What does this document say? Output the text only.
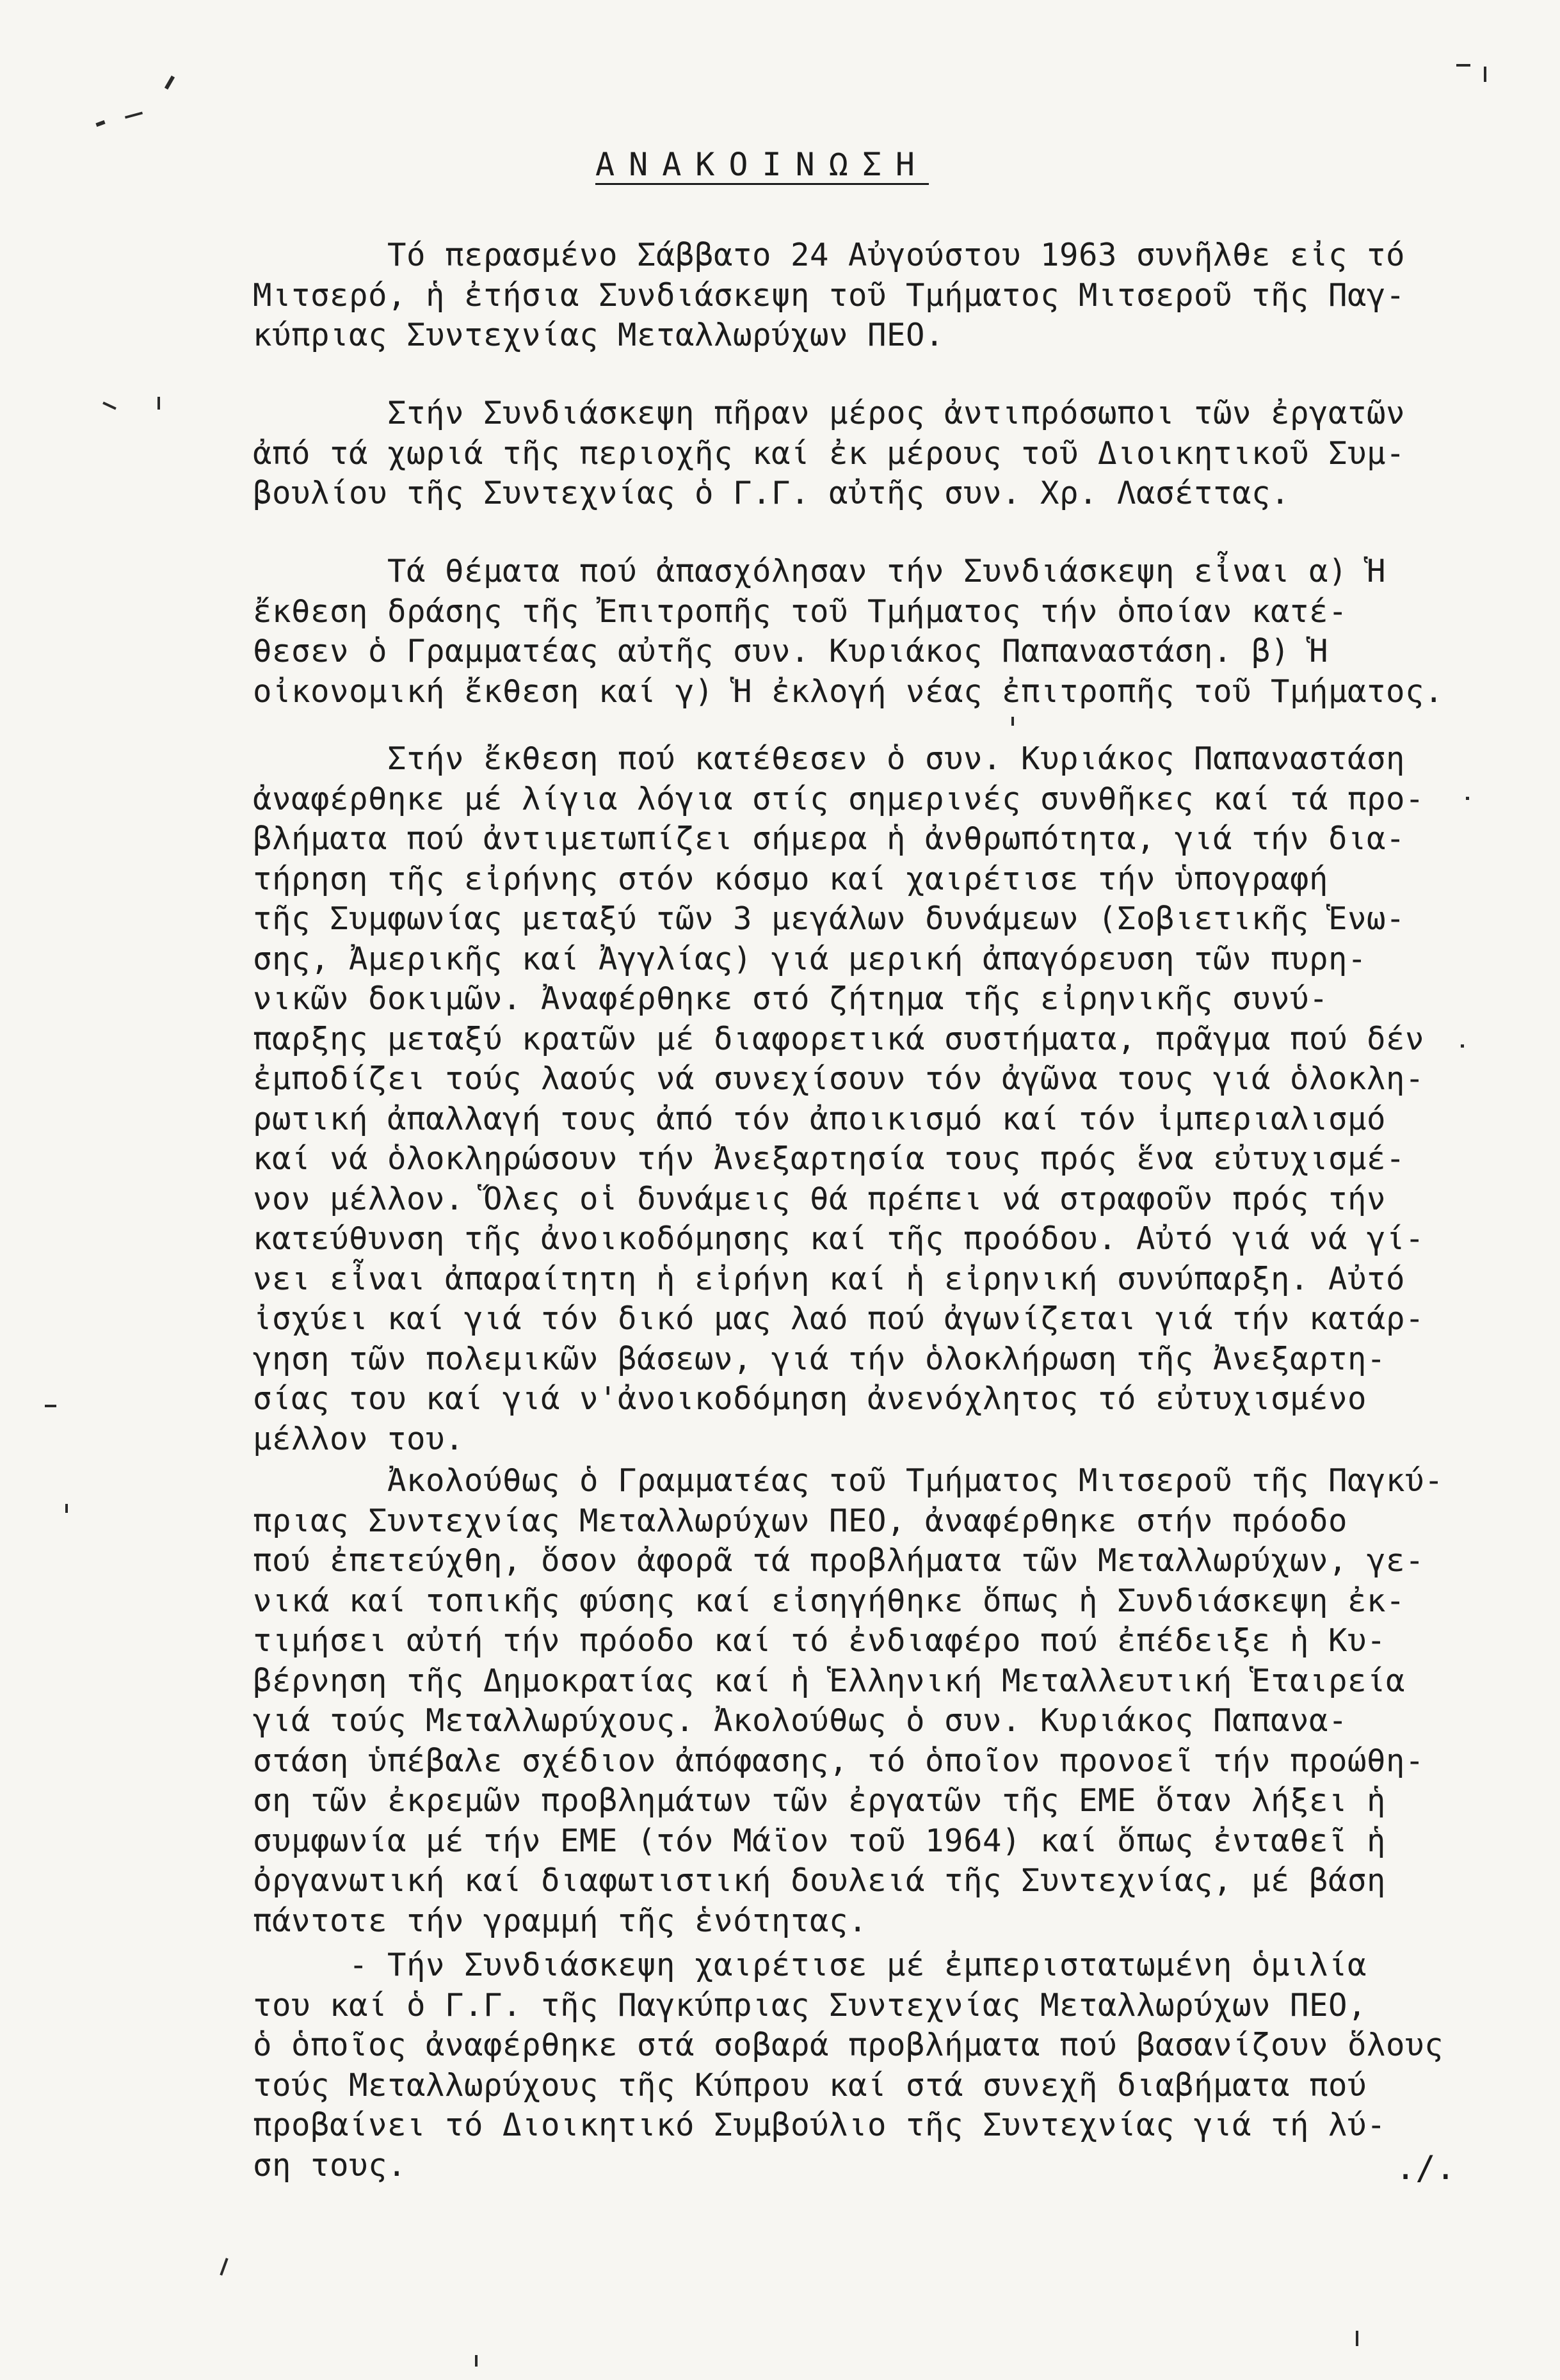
ΑΝΑΚΟΙΝΩΣΗ
Τό περασμένο Σάββατο 24 Αὐγούστου 1963 συνῆλθε εἰς τό
Μιτσερό, ἡ ἐτήσια Συνδιάσκεψη τοῦ Τμήματος Μιτσεροῦ τῆς Παγ-
κύπριας Συντεχνίας Μεταλλωρύχων ΠΕΟ.
Στήν Συνδιάσκεψη πῆραν μέρος ἀντιπρόσωποι τῶν ἐργατῶν
ἀπό τά χωριά τῆς περιοχῆς καί ἐκ μέρους τοῦ Διοικητικοῦ Συμ-
βουλίου τῆς Συντεχνίας ὁ Γ.Γ. αὐτῆς συν. Χρ. Λασέττας.
Τά θέματα πού ἀπασχόλησαν τήν Συνδιάσκεψη εἶναι α) Ἡ
ἔκθεση δράσης τῆς Ἐπιτροπῆς τοῦ Τμήματος τήν ὁποίαν κατέ-
θεσεν ὁ Γραμματέας αὐτῆς συν. Κυριάκος Παπαναστάση. β) Ἡ
οἰκονομική ἔκθεση καί γ) Ἡ ἐκλογή νέας ἐπιτροπῆς τοῦ Τμήματος.
Στήν ἔκθεση πού κατέθεσεν ὁ συν. Κυριάκος Παπαναστάση
ἀναφέρθηκε μέ λίγια λόγια στίς σημερινές συνθῆκες καί τά προ-
βλήματα πού ἀντιμετωπίζει σήμερα ἡ ἀνθρωπότητα, γιά τήν δια-
τήρηση τῆς εἰρήνης στόν κόσμο καί χαιρέτισε τήν ὑπογραφή
τῆς Συμφωνίας μεταξύ τῶν 3 μεγάλων δυνάμεων (Σοβιετικῆς Ἑνω-
σης, Ἀμερικῆς καί Ἀγγλίας) γιά μερική ἀπαγόρευση τῶν πυρη-
νικῶν δοκιμῶν. Ἀναφέρθηκε στό ζήτημα τῆς εἰρηνικῆς συνύ-
παρξης μεταξύ κρατῶν μέ διαφορετικά συστήματα, πρᾶγμα πού δέν
ἐμποδίζει τούς λαούς νά συνεχίσουν τόν ἀγῶνα τους γιά ὁλοκλη-
ρωτική ἀπαλλαγή τους ἀπό τόν ἀποικισμό καί τόν ἰμπεριαλισμό
καί νά ὁλοκληρώσουν τήν Ἀνεξαρτησία τους πρός ἕνα εὐτυχισμέ-
νον μέλλον. Ὅλες οἱ δυνάμεις θά πρέπει νά στραφοῦν πρός τήν
κατεύθυνση τῆς ἀνοικοδόμησης καί τῆς προόδου. Αὐτό γιά νά γί-
νει εἶναι ἀπαραίτητη ἡ εἰρήνη καί ἡ εἰρηνική συνύπαρξη. Αὐτό
ἰσχύει καί γιά τόν δικό μας λαό πού ἀγωνίζεται γιά τήν κατάρ-
γηση τῶν πολεμικῶν βάσεων, γιά τήν ὁλοκλήρωση τῆς Ἀνεξαρτη-
σίας του καί γιά ν'ἀνοικοδόμηση ἀνενόχλητος τό εὐτυχισμένο
μέλλον του.
Ἀκολούθως ὁ Γραμματέας τοῦ Τμήματος Μιτσεροῦ τῆς Παγκύ-
πριας Συντεχνίας Μεταλλωρύχων ΠΕΟ, ἀναφέρθηκε στήν πρόοδο
πού ἐπετεύχθη, ὅσον ἀφορᾶ τά προβλήματα τῶν Μεταλλωρύχων, γε-
νικά καί τοπικῆς φύσης καί εἰσηγήθηκε ὅπως ἡ Συνδιάσκεψη ἐκ-
τιμήσει αὐτή τήν πρόοδο καί τό ἐνδιαφέρο πού ἐπέδειξε ἡ Κυ-
βέρνηση τῆς Δημοκρατίας καί ἡ Ἑλληνική Μεταλλευτική Ἑταιρεία
γιά τούς Μεταλλωρύχους. Ἀκολούθως ὁ συν. Κυριάκος Παπανα-
στάση ὑπέβαλε σχέδιον ἀπόφασης, τό ὁποῖον προνοεῖ τήν προώθη-
ση τῶν ἐκρεμῶν προβλημάτων τῶν ἐργατῶν τῆς ΕΜΕ ὅταν λήξει ἡ
συμφωνία μέ τήν ΕΜΕ (τόν Μάϊον τοῦ 1964) καί ὅπως ἐνταθεῖ ἡ
ὀργανωτική καί διαφωτιστική δουλειά τῆς Συντεχνίας, μέ βάση
πάντοτε τήν γραμμή τῆς ἑνότητας.
- Τήν Συνδιάσκεψη χαιρέτισε μέ ἐμπεριστατωμένη ὁμιλία
του καί ὁ Γ.Γ. τῆς Παγκύπριας Συντεχνίας Μεταλλωρύχων ΠΕΟ,
ὁ ὁποῖος ἀναφέρθηκε στά σοβαρά προβλήματα πού βασανίζουν ὅλους
τούς Μεταλλωρύχους τῆς Κύπρου καί στά συνεχῆ διαβήματα πού
προβαίνει τό Διοικητικό Συμβούλιο τῆς Συντεχνίας γιά τή λύ-
ση τους.	./.
